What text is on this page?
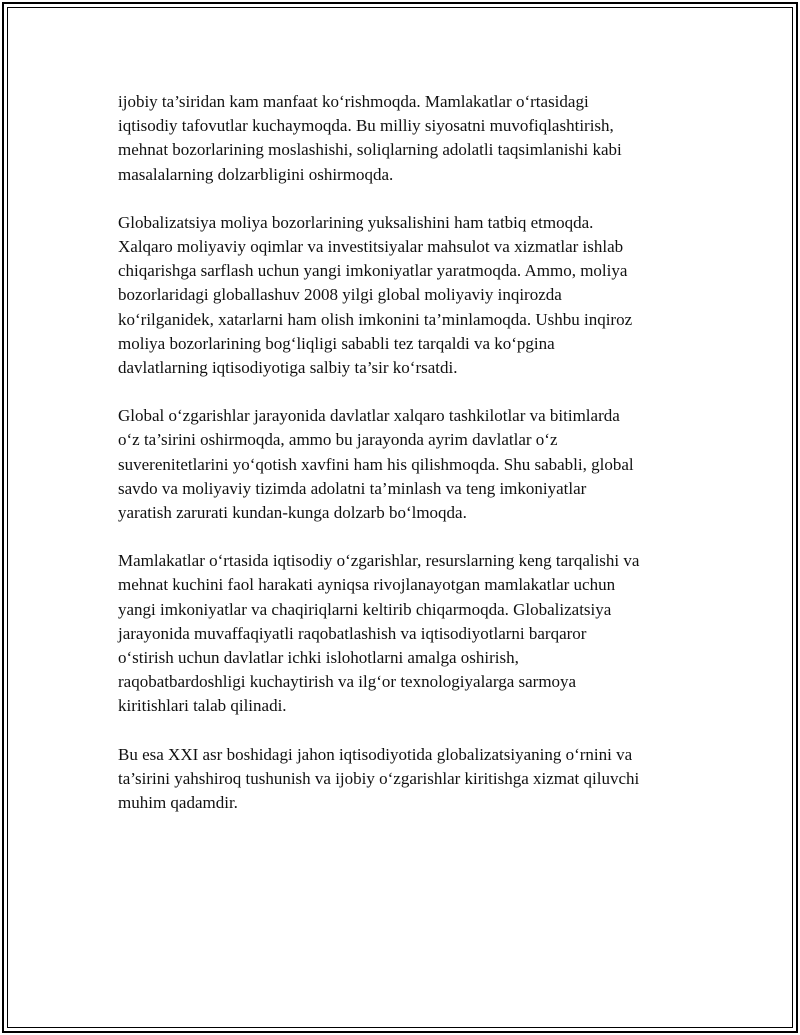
ijobiy ta’siridan kam manfaat ko‘rishmoqda. Mamlakatlar o‘rtasidagi
iqtisodiy tafovutlar kuchaymoqda. Bu milliy siyosatni muvofiqlashtirish,
mehnat bozorlarining moslashishi, soliqlarning adolatli taqsimlanishi kabi
masalalarning dolzarbligini oshirmoqda.

Globalizatsiya moliya bozorlarining yuksalishini ham tatbiq etmoqda.
Xalqaro moliyaviy oqimlar va investitsiyalar mahsulot va xizmatlar ishlab
chiqarishga sarflash uchun yangi imkoniyatlar yaratmoqda. Ammo, moliya
bozorlaridagi globallashuv 2008 yilgi global moliyaviy inqirozda
ko‘rilganidek, xatarlarni ham olish imkonini ta’minlamoqda. Ushbu inqiroz
moliya bozorlarining bog‘liqligi sababli tez tarqaldi va ko‘pgina
davlatlarning iqtisodiyotiga salbiy ta’sir ko‘rsatdi.

Global o‘zgarishlar jarayonida davlatlar xalqaro tashkilotlar va bitimlarda
o‘z ta’sirini oshirmoqda, ammo bu jarayonda ayrim davlatlar o‘z
suverenitetlarini yo‘qotish xavfini ham his qilishmoqda. Shu sababli, global
savdo va moliyaviy tizimda adolatni ta’minlash va teng imkoniyatlar
yaratish zarurati kundan-kunga dolzarb bo‘lmoqda.

Mamlakatlar o‘rtasida iqtisodiy o‘zgarishlar, resurslarning keng tarqalishi va
mehnat kuchini faol harakati ayniqsa rivojlanayotgan mamlakatlar uchun
yangi imkoniyatlar va chaqiriqlarni keltirib chiqarmoqda. Globalizatsiya
jarayonida muvaffaqiyatli raqobatlashish va iqtisodiyotlarni barqaror
o‘stirish uchun davlatlar ichki islohotlarni amalga oshirish,
raqobatbardoshligi kuchaytirish va ilg‘or texnologiyalarga sarmoya
kiritishlari talab qilinadi.

Bu esa XXI asr boshidagi jahon iqtisodiyotida globalizatsiyaning o‘rnini va
ta’sirini yahshiroq tushunish va ijobiy o‘zgarishlar kiritishga xizmat qiluvchi
muhim qadamdir.
